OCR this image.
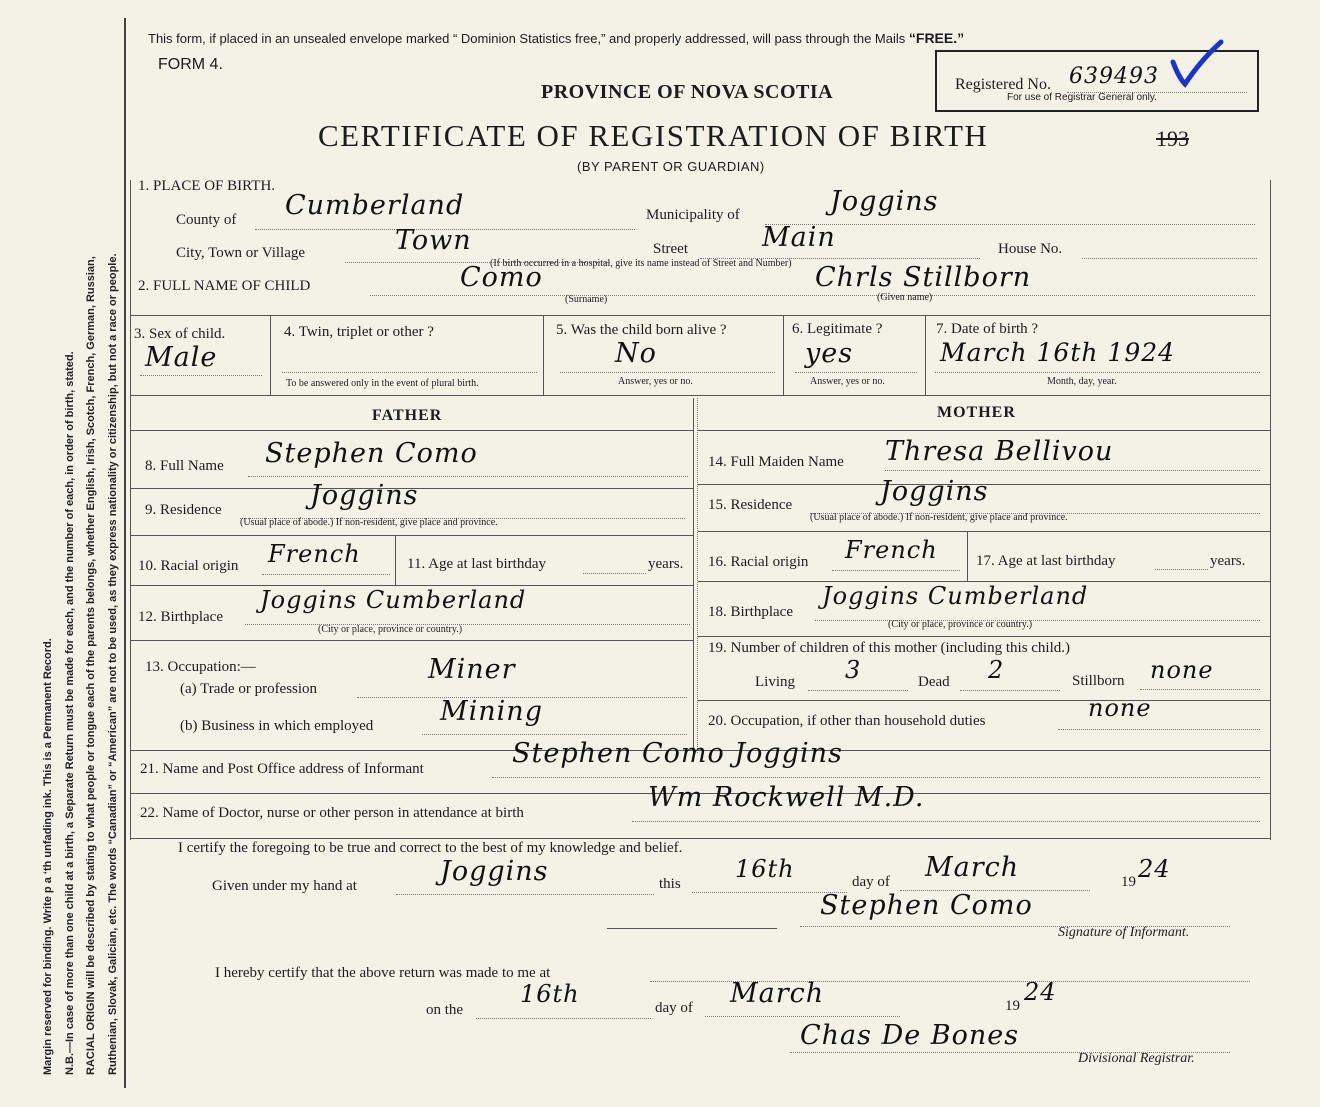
Margin reserved for binding. Write p a ‘th unfading ink. This is a Permanent Record. N.B.—In case of more than one child at a birth, a Separate Return must be made for each, and the number of each, in order of birth, stated. RACIAL ORIGIN will be described by stating to what people or tongue each of the parents belongs, whether English, Irish, Scotch, French, German, Russian, Ruthenian, Slovak, Galician, etc. The words “Canadian” or “American” are not to be used, as they express nationality or citizenship, but not a race or people.
This form, if placed in an unsealed envelope marked “ Dominion Statistics free,” and properly addressed, will pass through the Mails “FREE.”
FORM 4.
Registered No. 639493
For use of Registrar General only.
PROVINCE OF NOVA SCOTIA
CERTIFICATE OF REGISTRATION OF BIRTH
(BY PARENT OR GUARDIAN)
193
1. PLACE OF BIRTH.
County of Cumberland	Municipality of	Joggins
City, Town or Village	Town	Street	Main	House No.
(If birth occurred in a hospital, give its name instead of Street and Number)
2. FULL NAME OF CHILD	Como	Chrls Stillborn
(Surname)	(Given name)
3. Sex of child.
Male
4. Twin, triplet or other ?
To be answered only in the event of plural birth.
5. Was the child born alive ?
No
Answer, yes or no.
6. Legitimate ?
yes
Answer, yes or no.
7. Date of birth ?
March 16th 1924
Month, day, year.
FATHER	MOTHER
8. Full Name Stephen Como
9. Residence	Joggins
(Usual place of abode.) If non-resident, give place and province.
10. Racial origin French	11. Age at last birthday	years.
12. Birthplace
Joggins Cumberland
(City or place, province or country.)
13. Occupation:—
(a) Trade or profession
Miner
(b) Business in which employed Mining
14. Full Maiden Name Thresa Bellivou
15. Residence	Joggins
(Usual place of abode.) If non-resident, give place and province.
16. Racial origin French	17. Age at last birthday	years.
18. Birthplace
Joggins Cumberland
(City or place, province or country.)
19. Number of children of this mother (including this child.)
Living 3	Dead 2	Stillborn none
20. Occupation, if other than household duties	none
21. Name and Post Office address of Informant	Stephen Como Joggins
22. Name of Doctor, nurse or other person in attendance at birth	Wm Rockwell M.D.
I certify the foregoing to be true and correct to the best of my knowledge and belief.
Given under my hand at	Joggins	this
16th	day of March	19 24
Stephen Como
Signature of Informant.
I hereby certify that the above return was made to me at
on the
16th	day of March	19 24
Chas De Bones
Divisional Registrar.
